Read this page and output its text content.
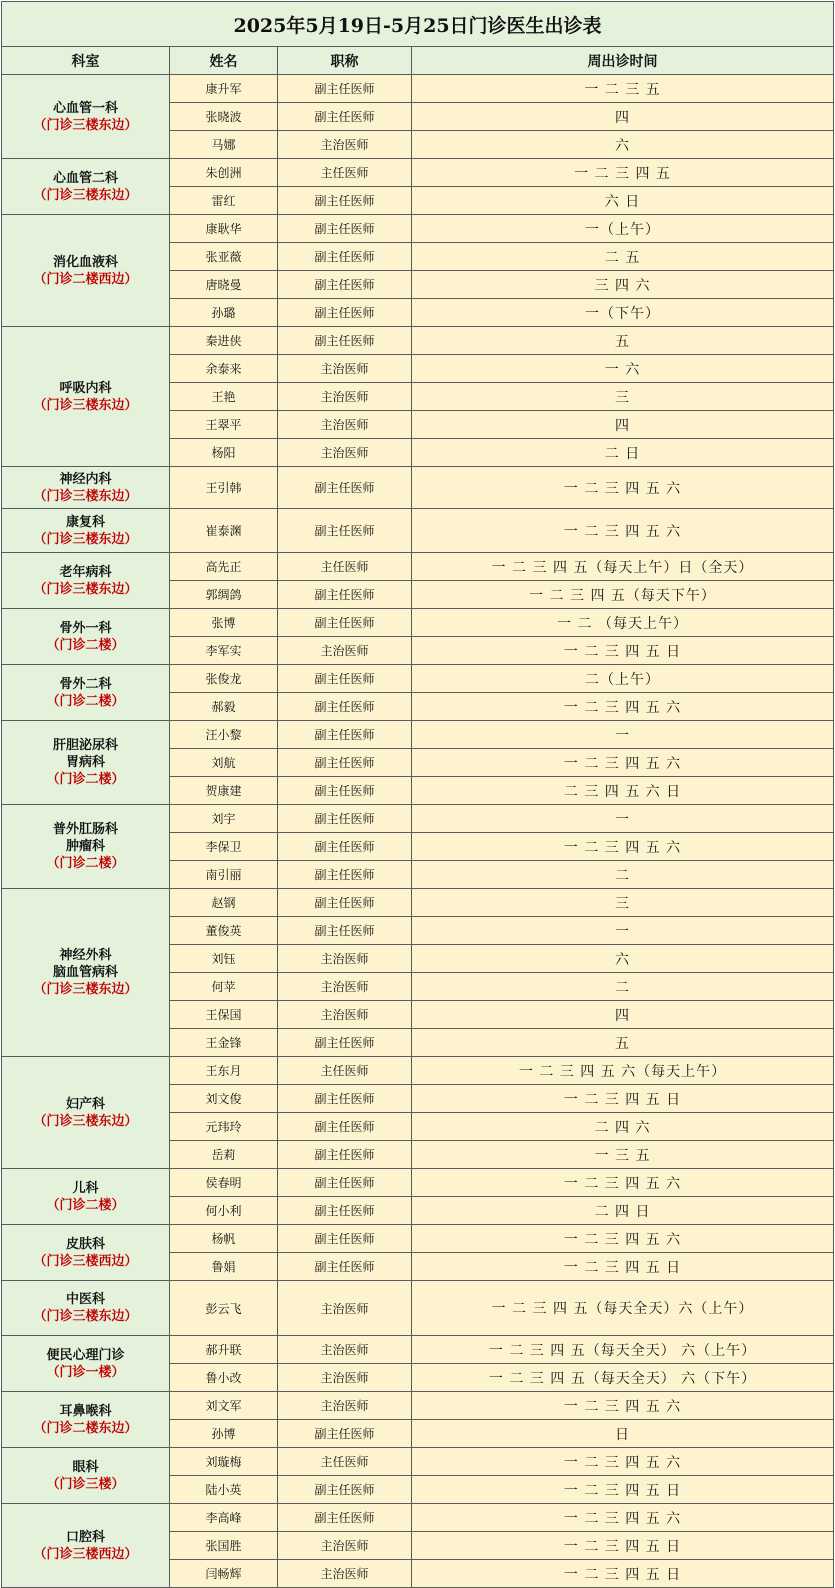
2025年5月19日-5月25日门诊医生出诊表			
科室	姓名	职称	周出诊时间

心血管一科
（门诊三楼东边）	康升军	副主任医师	一 二 三 五
	张晓波	副主任医师	四
	马娜	主治医师	六

心血管二科
（门诊三楼东边）	朱创洲	主任医师	一 二 三 四 五
	雷红	副主任医师	六 日

消化血液科
（门诊二楼西边）	康耿华	副主任医师	一（上午）
	张亚薇	副主任医师	二 五
	唐晓曼	副主任医师	三 四 六
	孙璐	副主任医师	一（下午）

呼吸内科
（门诊三楼东边）	秦进侠	副主任医师	五
	余泰来	主治医师	一 六
	王艳	主治医师	三
	王翠平	主治医师	四
	杨阳	主治医师	二 日

神经内科
（门诊三楼东边）	王引韩	副主任医师	一 二 三 四 五 六

康复科
（门诊三楼东边）	崔泰渊	副主任医师	一 二 三 四 五 六

老年病科
（门诊三楼东边）	高先正	主任医师	一 二 三 四 五（每天上午）日（全天）
	郭绸鸽	副主任医师	一 二 三 四 五（每天下午）

骨外一科
（门诊二楼）	张博	副主任医师	一 二 （每天上午）
	李军实	主治医师	一 二 三 四 五 日

骨外二科
（门诊二楼）	张俊龙	副主任医师	二（上午）
	郝毅	副主任医师	一 二 三 四 五 六

肝胆泌尿科
胃病科
（门诊二楼）	汪小黎	副主任医师	一
	刘航	副主任医师	一 二 三 四 五 六
	贺康建	副主任医师	二 三 四 五 六 日

普外肛肠科
肿瘤科
（门诊二楼）	刘宇	副主任医师	一
	李保卫	副主任医师	一 二 三 四 五 六
	南引丽	副主任医师	二

神经外科
脑血管病科
（门诊三楼东边）	赵钢	副主任医师	三
	董俊英	副主任医师	一
	刘钰	主治医师	六
	何苹	主治医师	二
	王保国	主治医师	四
	王金锋	副主任医师	五

妇产科
（门诊三楼东边）	王东月	主任医师	一 二 三 四 五 六（每天上午）
	刘文俊	副主任医师	一 二 三 四 五 日
	元玮玲	副主任医师	二 四 六
	岳莉	副主任医师	一 三 五

儿科
（门诊二楼）	侯春明	副主任医师	一 二 三 四 五 六
	何小利	副主任医师	二 四 日

皮肤科
（门诊三楼西边）	杨帆	副主任医师	一 二 三 四 五 六
	鲁娟	副主任医师	一 二 三 四 五 日

中医科
（门诊三楼东边）	彭云飞	主治医师	一 二 三 四 五（每天全天）六（上午）

便民心理门诊
（门诊一楼）	郝升联	主治医师	一 二 三 四 五（每天全天） 六（上午）
	鲁小改	主治医师	一 二 三 四 五（每天全天） 六（下午）

耳鼻喉科
（门诊二楼东边）	刘文军	主治医师	一 二 三 四 五 六
	孙博	副主任医师	日

眼科
（门诊三楼）	刘璇梅	主任医师	一 二 三 四 五 六
	陆小英	副主任医师	一 二 三 四 五 日

口腔科
（门诊三楼西边）	李高峰	副主任医师	一 二 三 四 五 六
	张国胜	主治医师	一 二 三 四 五 日
	闫畅辉	主治医师	一 二 三 四 五 日
